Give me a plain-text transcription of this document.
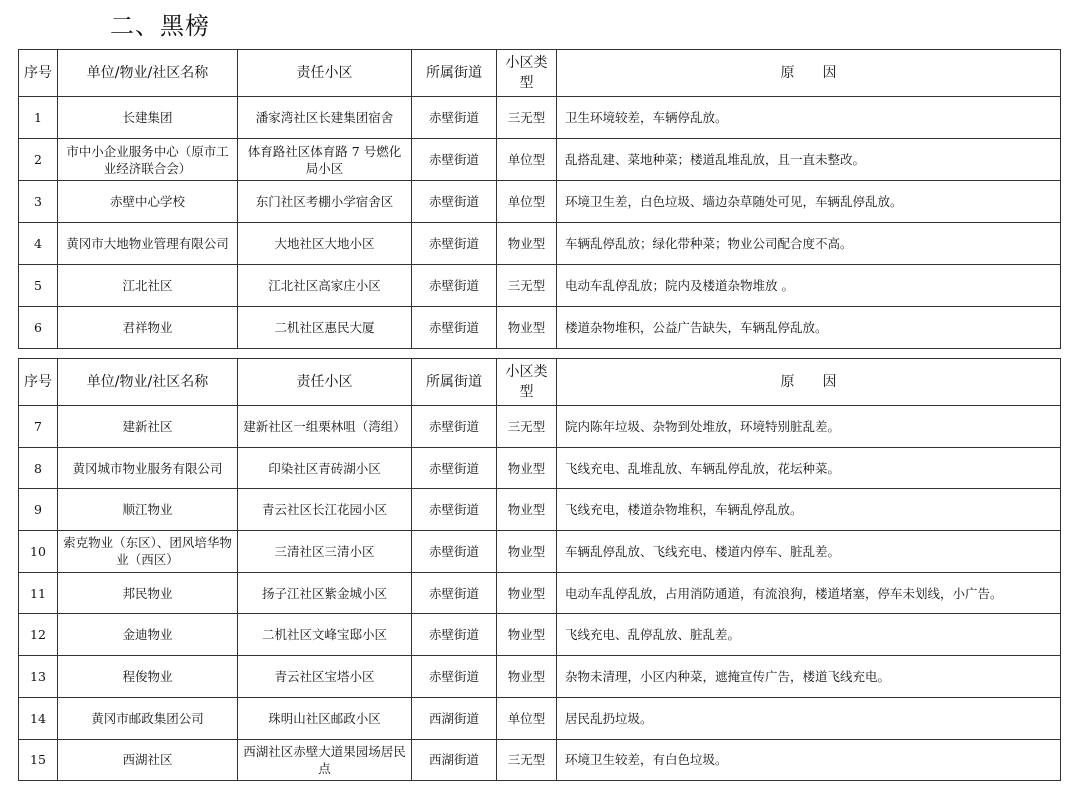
二、黑榜
序号	单位/物业/社区名称	责任小区	所属街道	小区类型	原　　因
1	长建集团	潘家湾社区长建集团宿舍	赤壁街道	三无型	卫生环境较差，车辆停乱放。
2	市中小企业服务中心（原市工业经济联合会）	体育路社区体育路 7 号燃化局小区	赤壁街道	单位型	乱搭乱建、菜地种菜；楼道乱堆乱放，且一直未整改。
3	赤壁中心学校	东门社区考棚小学宿舍区	赤壁街道	单位型	环境卫生差，白色垃圾、墙边杂草随处可见，车辆乱停乱放。
4	黄冈市大地物业管理有限公司	大地社区大地小区	赤壁街道	物业型	车辆乱停乱放；绿化带种菜；物业公司配合度不高。
5	江北社区	江北社区高家庄小区	赤壁街道	三无型	电动车乱停乱放；院内及楼道杂物堆放 。
6	君祥物业	二机社区惠民大厦	赤壁街道	物业型	楼道杂物堆积，公益广告缺失，车辆乱停乱放。
序号	单位/物业/社区名称	责任小区	所属街道	小区类型	原　　因
7	建新社区	建新社区一组栗林咀（湾组）	赤壁街道	三无型	院内陈年垃圾、杂物到处堆放，环境特别脏乱差。
8	黄冈城市物业服务有限公司	印染社区青砖湖小区	赤壁街道	物业型	飞线充电、乱堆乱放、车辆乱停乱放，花坛种菜。
9	顺江物业	青云社区长江花园小区	赤壁街道	物业型	飞线充电，楼道杂物堆积，车辆乱停乱放。
10	索克物业（东区）、团风培华物业（西区）	三清社区三清小区	赤壁街道	物业型	车辆乱停乱放、飞线充电、楼道内停车、脏乱差。
11	邦民物业	扬子江社区紫金城小区	赤壁街道	物业型	电动车乱停乱放，占用消防通道，有流浪狗，楼道堵塞，停车未划线，小广告。
12	金迪物业	二机社区文峰宝邸小区	赤壁街道	物业型	飞线充电、乱停乱放、脏乱差。
13	程俊物业	青云社区宝塔小区	赤壁街道	物业型	杂物未清理，小区内种菜，遮掩宣传广告，楼道飞线充电。
14	黄冈市邮政集团公司	珠明山社区邮政小区	西湖街道	单位型	居民乱扔垃圾。
15	西湖社区	西湖社区赤壁大道果园场居民点	西湖街道	三无型	环境卫生较差，有白色垃圾。
